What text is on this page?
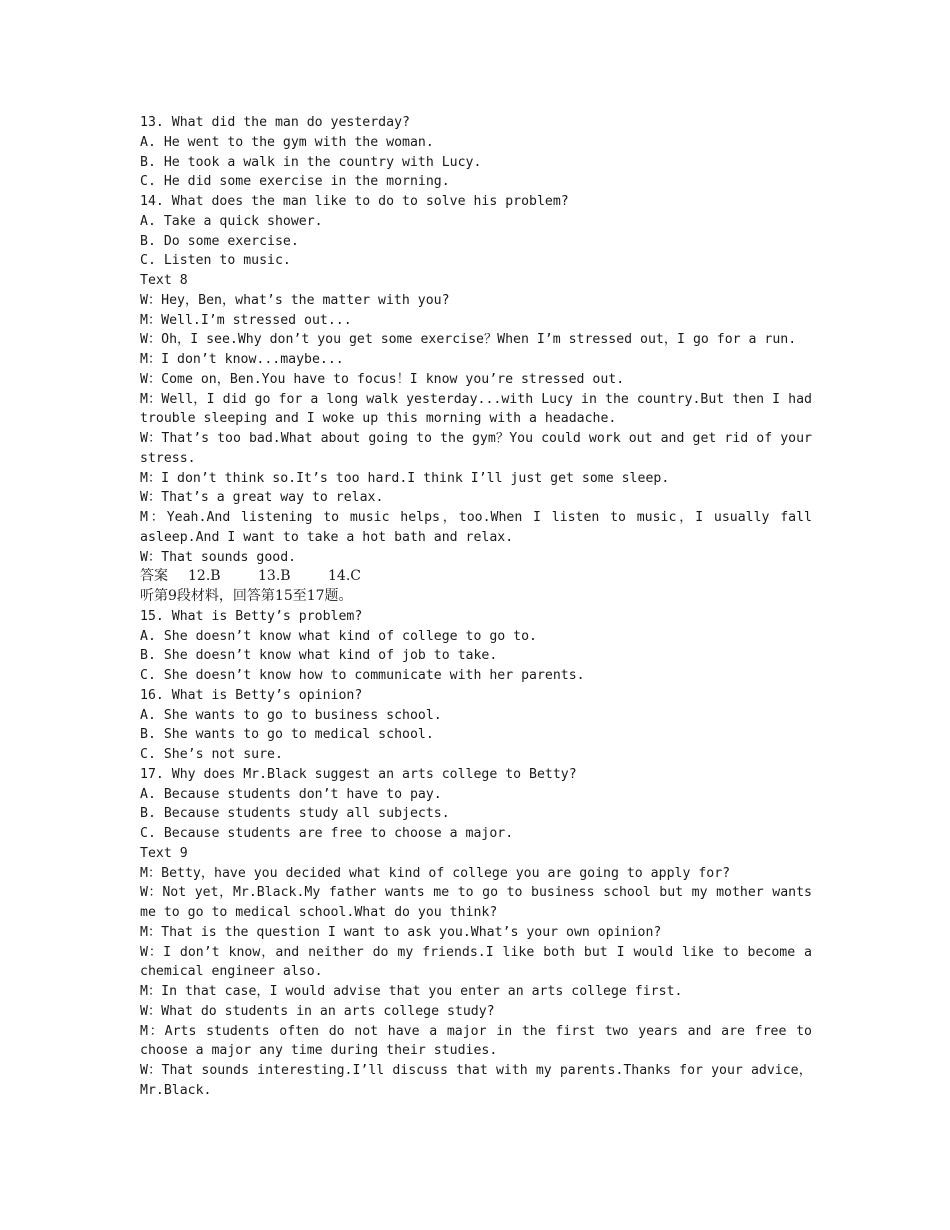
13. What did the man do yesterday?

A. He went to the gym with the woman.

B. He took a walk in the country with Lucy.

C. He did some exercise in the morning.

14. What does the man like to do to solve his problem?

A. Take a quick shower.

B. Do some exercise.

C. Listen to music.

Text 8

W：Hey，Ben，what’s the matter with you?

M：Well.I’m stressed out...

W：Oh，I see.Why don’t you get some exercise？When I’m stressed out，I go for a run.

M：I don’t know...maybe...

W：Come on，Ben.You have to focus！I know you’re stressed out.

M：Well，I did go for a long walk yesterday...with Lucy in the country.But then I had trouble sleeping and I woke up this morning with a headache.

W：That’s too bad.What about going to the gym？You could work out and get rid of your stress.

M：I don’t think so.It’s too hard.I think I’ll just get some sleep.

W：That’s a great way to relax.

M：Yeah.And listening to music helps，too.When I listen to music，I usually fall asleep.And I want to take a hot bath and relax.

W：That sounds good.

答案 12.B	13.B	14.C

听第9段材料，回答第15至17题。

15. What is Betty’s problem?

A. She doesn’t know what kind of college to go to.

B. She doesn’t know what kind of job to take.

C. She doesn’t know how to communicate with her parents.

16. What is Betty’s opinion?

A. She wants to go to business school.

B. She wants to go to medical school.

C. She’s not sure.

17. Why does Mr.Black suggest an arts college to Betty?

A. Because students don’t have to pay.

B. Because students study all subjects.

C. Because students are free to choose a major.

Text 9

M：Betty，have you decided what kind of college you are going to apply for?

W：Not yet，Mr.Black.My father wants me to go to business school but my mother wants me to go to medical school.What do you think?

M：That is the question I want to ask you.What’s your own opinion?

W：I don’t know，and neither do my friends.I like both but I would like to become a chemical engineer also.

M：In that case，I would advise that you enter an arts college first.

W：What do students in an arts college study?

M：Arts students often do not have a major in the first two years and are free to choose a major any time during their studies.

W：That sounds interesting.I’ll discuss that with my parents.Thanks for your advice，Mr.Black.
